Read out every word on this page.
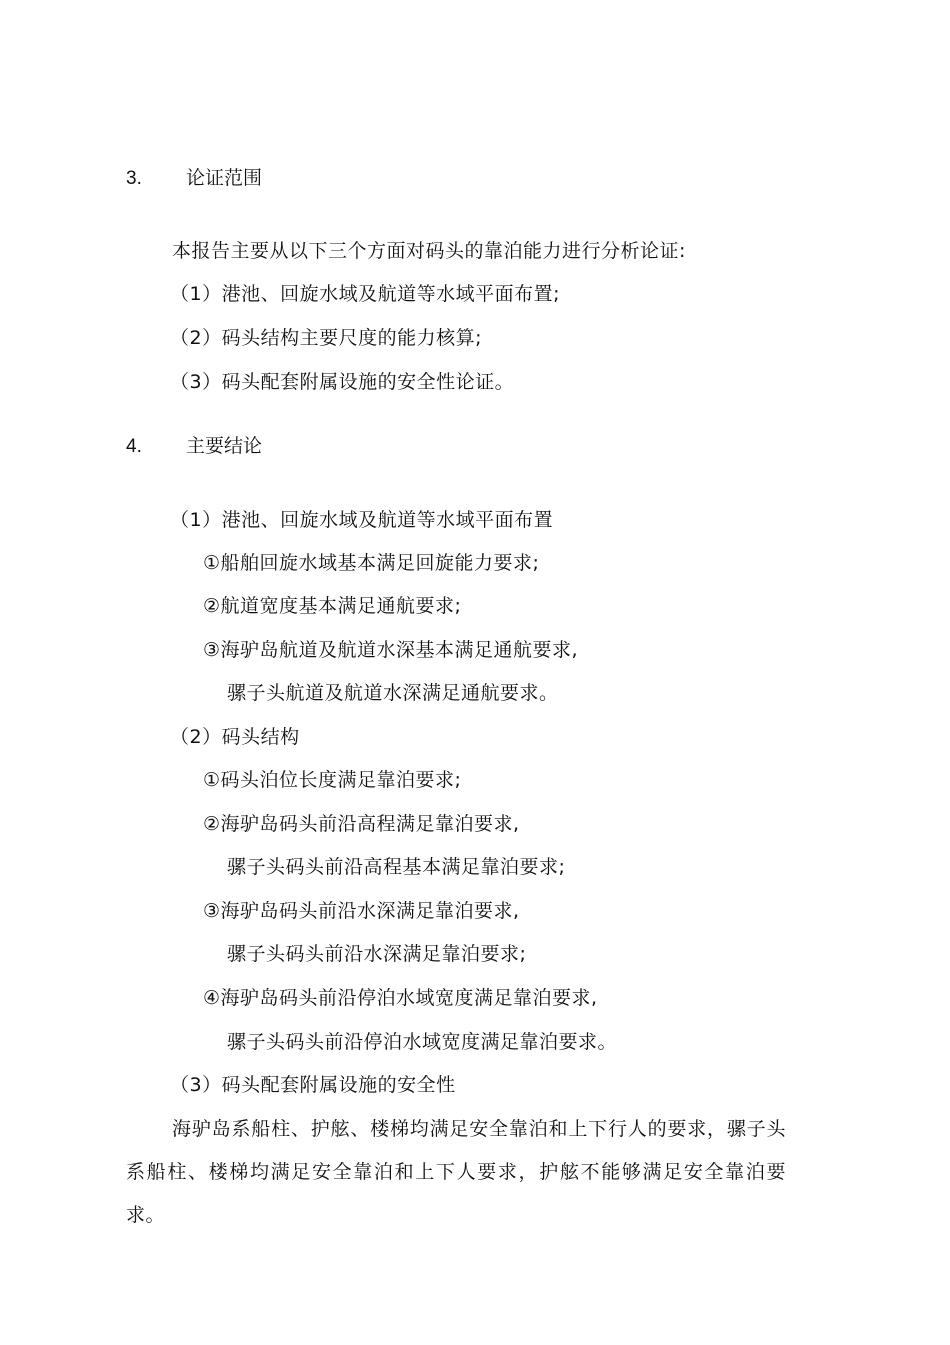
3. 论证范围
本报告主要从以下三个方面对码头的靠泊能力进行分析论证:
（1）港池、回旋水域及航道等水域平面布置;
（2）码头结构主要尺度的能力核算;
（3）码头配套附属设施的安全性论证。
4. 主要结论
（1）港池、回旋水域及航道等水域平面布置
①船舶回旋水域基本满足回旋能力要求;
②航道宽度基本满足通航要求;
③海驴岛航道及航道水深基本满足通航要求,
骡子头航道及航道水深满足通航要求。
（2）码头结构
①码头泊位长度满足靠泊要求;
②海驴岛码头前沿高程满足靠泊要求,
骡子头码头前沿高程基本满足靠泊要求;
③海驴岛码头前沿水深满足靠泊要求,
骡子头码头前沿水深满足靠泊要求;
④海驴岛码头前沿停泊水域宽度满足靠泊要求,
骡子头码头前沿停泊水域宽度满足靠泊要求。
（3）码头配套附属设施的安全性
海驴岛系船柱、护舷、楼梯均满足安全靠泊和上下行人的要求，骡子头系船柱、楼梯均满足安全靠泊和上下人要求，护舷不能够满足安全靠泊要求。
